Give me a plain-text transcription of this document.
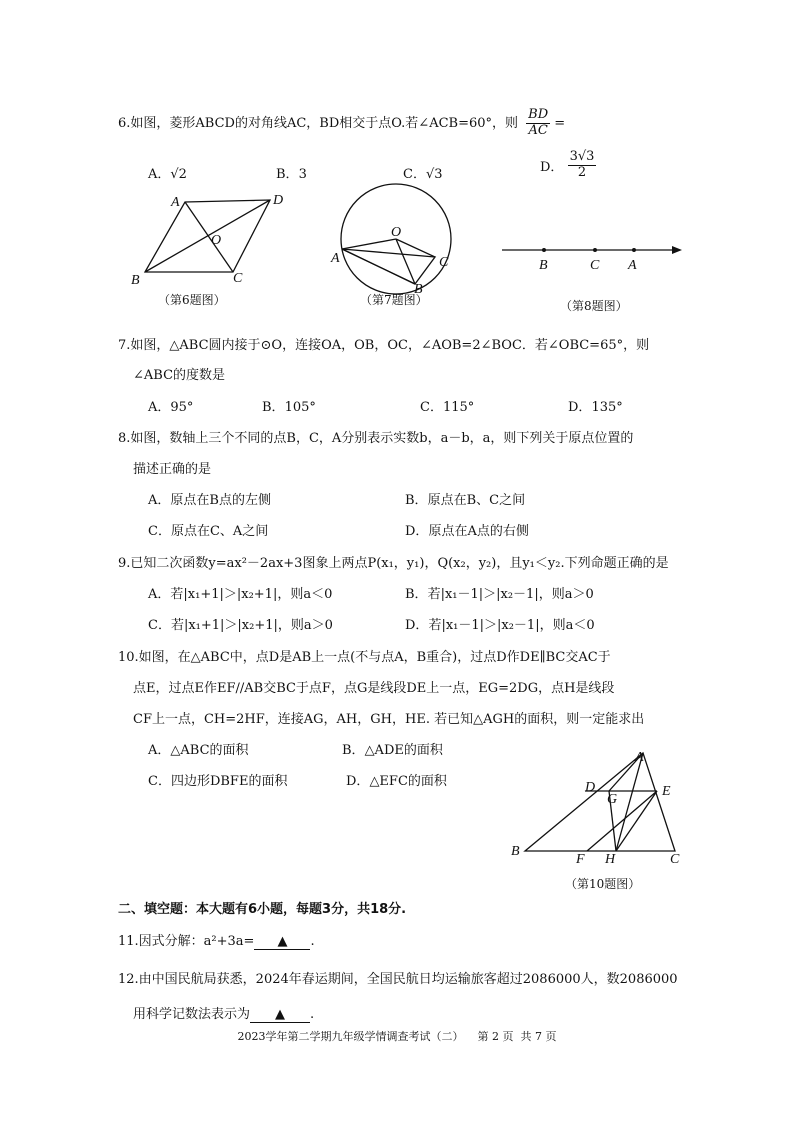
6.如图，菱形ABCD的对角线AC，BD相交于点O.若∠ACB=60°，则 $\frac{BD}{AC}$ =
A．√2	B．3	C．√3	D． $\frac{3√3}{2}$
A	D
O
B	C
（第6题图）
O
A	C
B
（第7题图）
B	C A
（第8题图）
7.如图，△ABC圆内接于⊙O，连接OA，OB，OC，∠AOB=2∠BOC．若∠OBC=65°，则
∠ABC的度数是
A．95°	B．105°	C．115°	D．135°
8.如图，数轴上三个不同的点B，C，A分别表示实数b，a－b，a，则下列关于原点位置的
描述正确的是
A．原点在B点的左侧	B．原点在B、C之间
C．原点在C、A之间	D．原点在A点的右侧
9.已知二次函数y=ax²－2ax+3图象上两点P(x₁，y₁)，Q(x₂，y₂)，且y₁＜y₂.下列命题正确的是
A．若|x₁+1|＞|x₂+1|，则a＜0	B．若|x₁－1|＞|x₂－1|，则a＞0
C．若|x₁+1|＞|x₂+1|，则a＞0	D．若|x₁－1|＞|x₂－1|，则a＜0
10.如图，在△ABC中，点D是AB上一点(不与点A，B重合)，过点D作DE∥BC交AC于
点E，过点E作EF//AB交BC于点F，点G是线段DE上一点，EG=2DG，点H是线段
CF上一点，CH=2HF，连接AG，AH，GH，HE. 若已知△AGH的面积，则一定能求出
A．△ABC的面积	B．△ADE的面积
C．四边形DBFE的面积	D．△EFC的面积
A
D
G
E
B
F H	C
（第10题图）
二、填空题：本大题有6小题，每题3分，共18分.
11.因式分解：a²+3a= ▲ .
12.由中国民航局获悉，2024年春运期间，全国民航日均运输旅客超过2086000人，数2086000
用科学记数法表示为 ▲ .
2023学年第二学期九年级学情调查考试（二）    第 2 页  共 7 页
